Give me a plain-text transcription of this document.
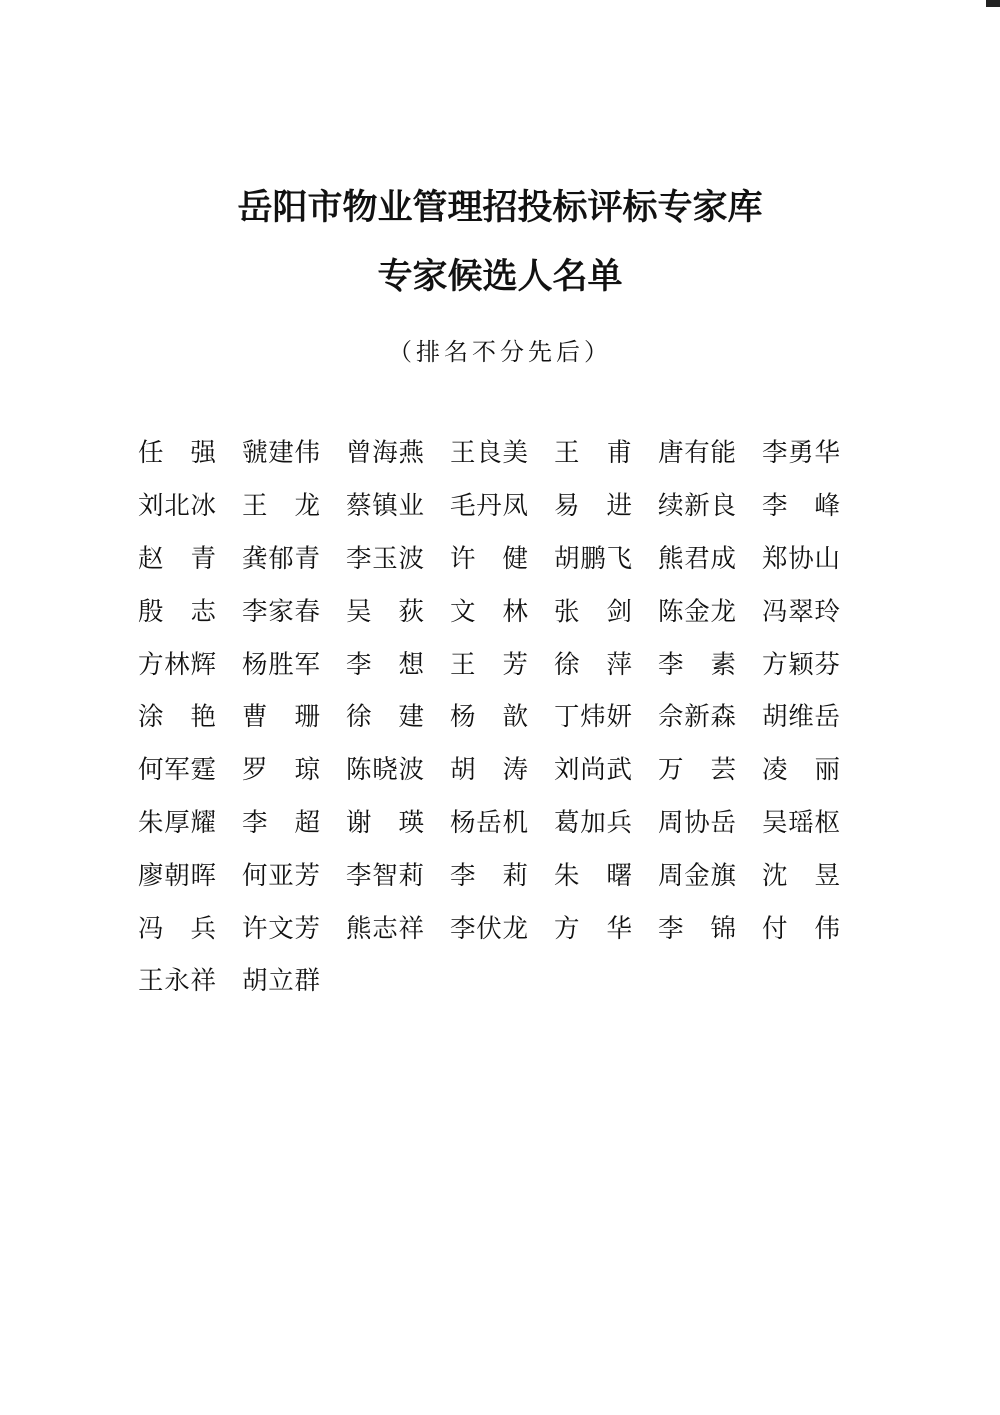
岳阳市物业管理招投标评标专家库
专家候选人名单
（排名不分先后）
任 强 虢 建 伟 曾 海 燕 王 良 美 王 甫 唐 有 能 李 勇 华
刘 北 冰 王 龙 蔡 镇 业 毛 丹 凤 易 进 续 新 良 李 峰
赵 青 龚 郁 青 李 玉 波 许 健 胡 鹏 飞 熊 君 成 郑 协 山
殷 志 李 家 春 吴 荻 文 林 张 剑 陈 金 龙 冯 翠 玲
方 林 辉 杨 胜 军 李 想 王 芳 徐 萍 李 素 方 颖 芬
涂 艳 曹 珊 徐 建 杨 歆 丁 炜 妍 佘 新 森 胡 维 岳
何 军 霆 罗 琼 陈 晓 波 胡 涛 刘 尚 武 万 芸 凌 丽
朱 厚 耀 李 超 谢 瑛 杨 岳 机 葛 加 兵 周 协 岳 吴 瑶 枢
廖 朝 晖 何 亚 芳 李 智 莉 李 莉 朱 曙 周 金 旗 沈 昱
冯 兵 许 文 芳 熊 志 祥 李 伏 龙 方 华 李 锦 付 伟
王 永 祥 胡 立 群
